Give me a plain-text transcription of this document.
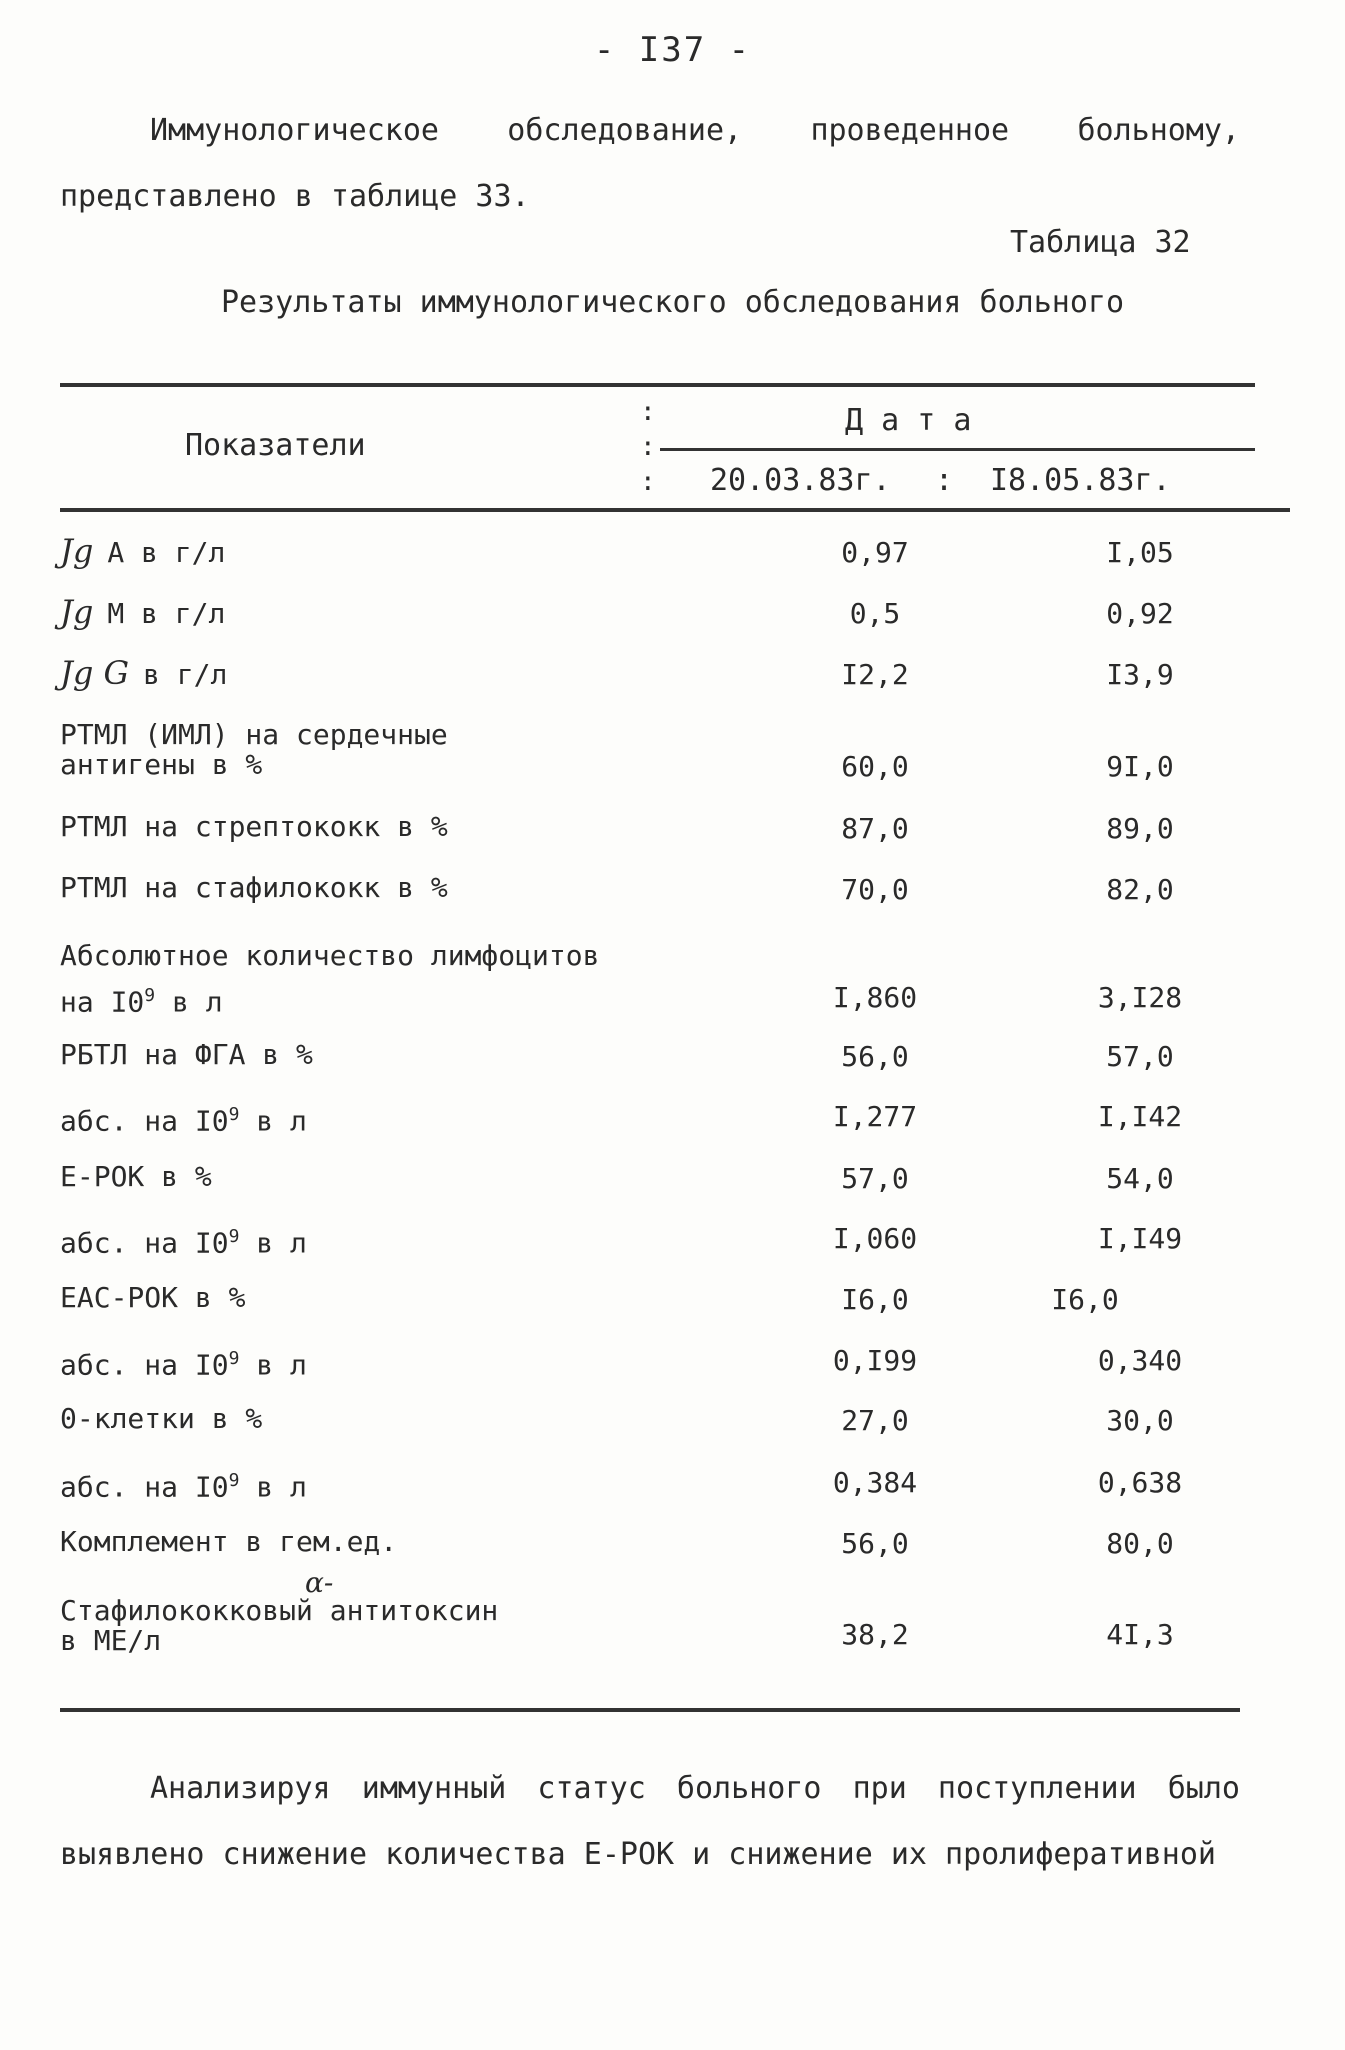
- I37 -
Иммунологическое обследование, проведенное больному, представлено в таблице 33.
Таблица 32
Результаты иммунологического обследования больного
Показатели
Д а т а
20.03.83г. : I8.05.83г.
:
:
:
Jg А в г/л	0,97	I,05
Jg М в г/л	0,5	0,92
Jg G в г/л	I2,2	I3,9
РТМЛ (ИМЛ) на сердечные
антигены в %	60,0	9I,0
РТМЛ на стрептококк в %	87,0	89,0
РТМЛ на стафилококк в %	70,0	82,0
Абсолютное количество лимфоцитов
на $I0^9$ в л	I,860	3,I28
РБТЛ на ФГА в %	56,0	57,0
абс. на $I0^9$ в л	I,277	I,I42
Е-РОК в %	57,0	54,0
абс. на $I0^9$ в л	I,060	I,I49
ЕАС-РОК в %	I6,0	I6,0
абс. на $I0^9$ в л	0,I99	0,340
0-клетки в %	27,0	30,0
абс. на $I0^9$ в л	0,384	0,638
Комплемент в гем.ед.	56,0	80,0
α-
Стафилококковый антитоксин
в МЕ/л	38,2	4I,3
Анализируя иммунный статус больного при поступлении было выявлено снижение количества Е-РОК и снижение их пролиферативной
